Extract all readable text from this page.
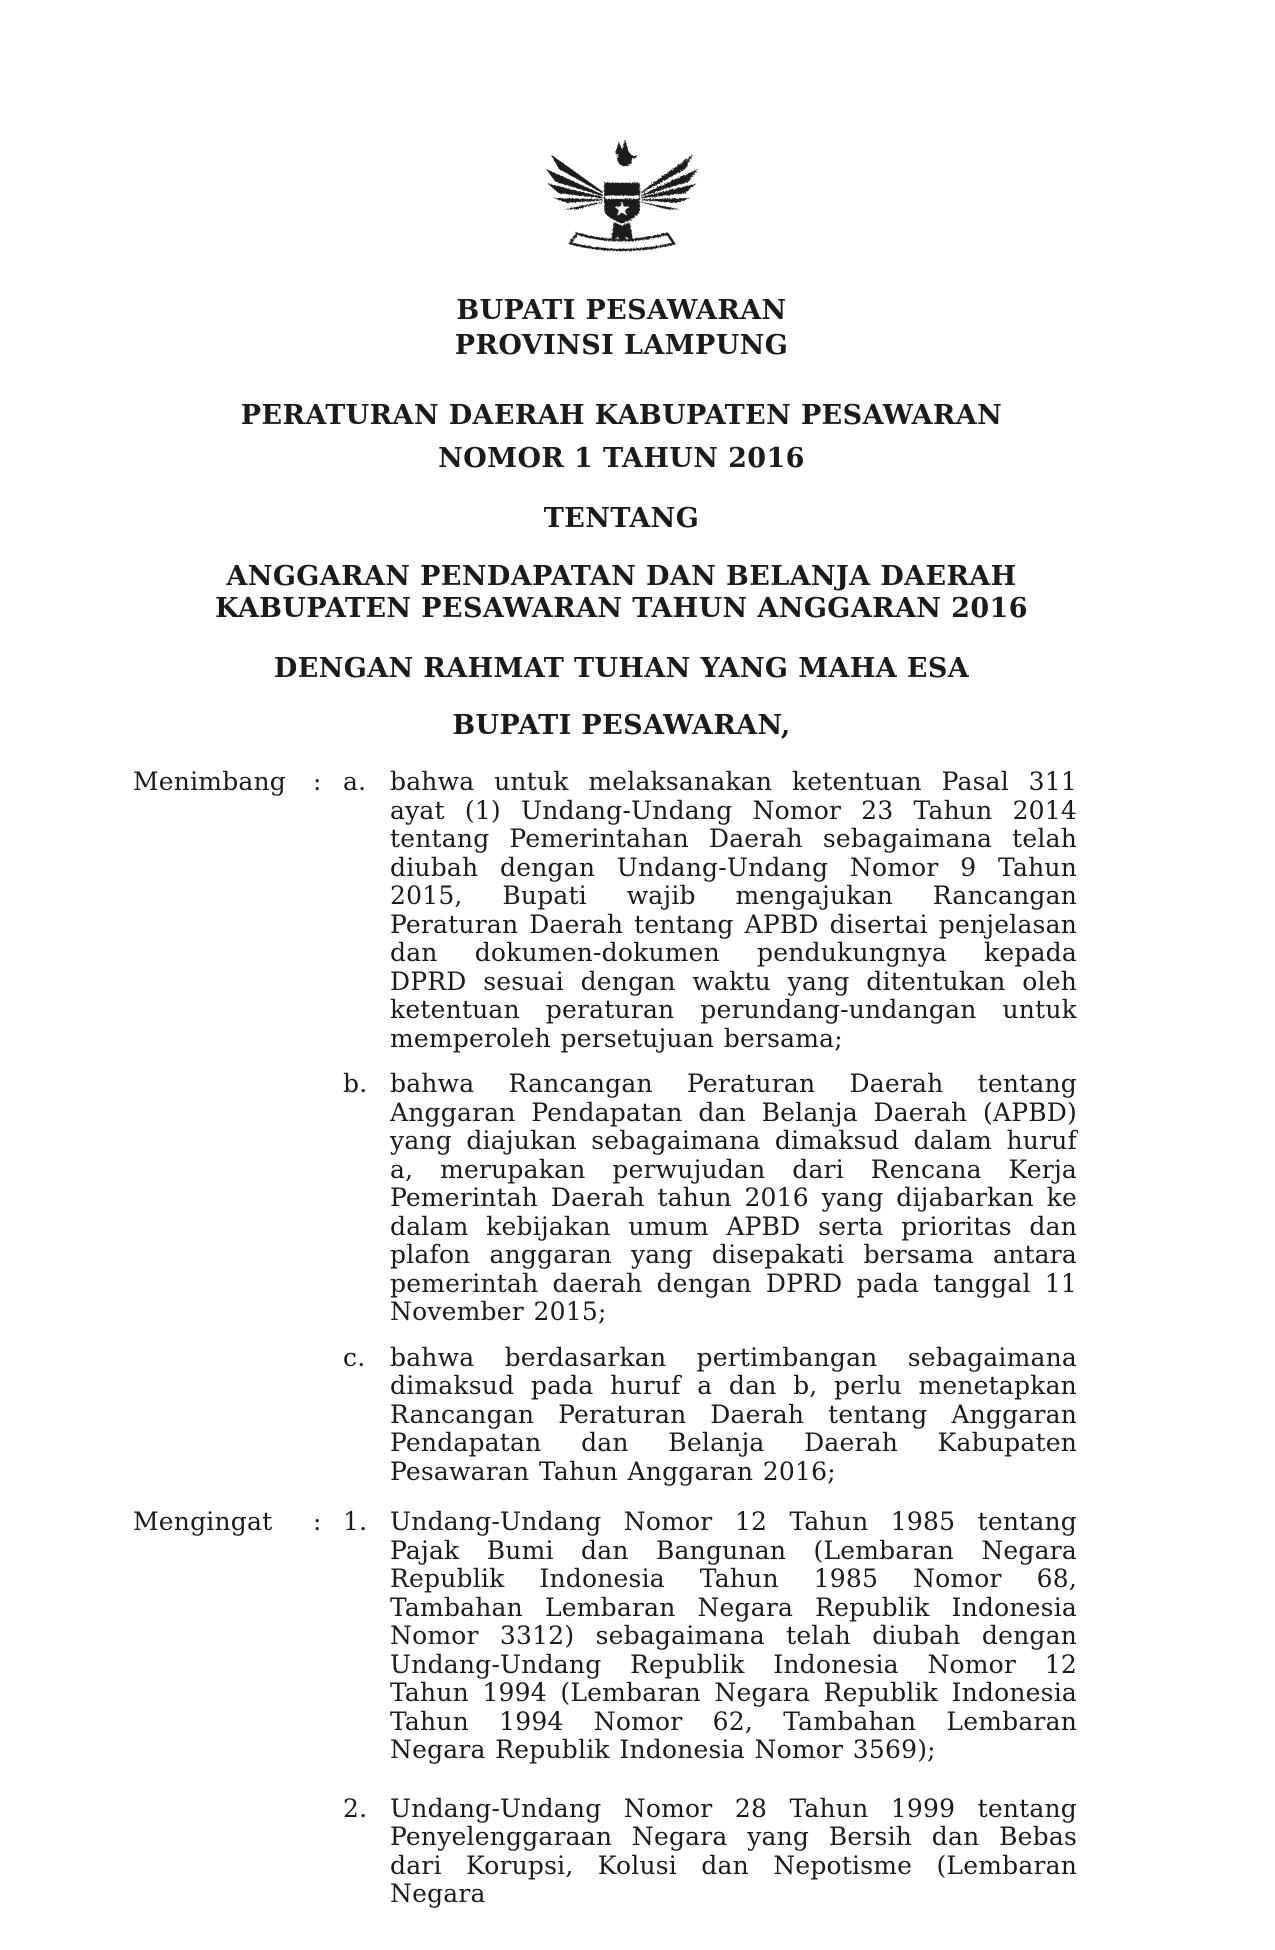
BUPATI PESAWARAN
PROVINSI LAMPUNG
PERATURAN DAERAH KABUPATEN PESAWARAN
NOMOR 1 TAHUN 2016
TENTANG
ANGGARAN PENDAPATAN DAN BELANJA DAERAH
KABUPATEN PESAWARAN TAHUN ANGGARAN 2016
DENGAN RAHMAT TUHAN YANG MAHA ESA
BUPATI PESAWARAN,
Menimbang	: a. bahwa untuk melaksanakan ketentuan Pasal 311 ayat (1) Undang-Undang Nomor 23 Tahun 2014 tentang Pemerintahan Daerah sebagaimana telah diubah dengan Undang-Undang Nomor 9 Tahun 2015, Bupati wajib mengajukan Rancangan Peraturan Daerah tentang APBD disertai penjelasan dan dokumen-dokumen pendukungnya kepada DPRD sesuai dengan waktu yang ditentukan oleh ketentuan peraturan perundang-undangan untuk memperoleh persetujuan bersama;
b. bahwa Rancangan Peraturan Daerah tentang Anggaran Pendapatan dan Belanja Daerah (APBD) yang diajukan sebagaimana dimaksud dalam huruf a, merupakan perwujudan dari Rencana Kerja Pemerintah Daerah tahun 2016 yang dijabarkan ke dalam kebijakan umum APBD serta prioritas dan plafon anggaran yang disepakati bersama antara pemerintah daerah dengan DPRD pada tanggal 11 November 2015;
c. bahwa berdasarkan pertimbangan sebagaimana dimaksud pada huruf a dan b, perlu menetapkan Rancangan Peraturan Daerah tentang Anggaran Pendapatan dan Belanja Daerah Kabupaten Pesawaran Tahun Anggaran 2016;
Mengingat	: 1. Undang-Undang Nomor 12 Tahun 1985 tentang Pajak Bumi dan Bangunan (Lembaran Negara Republik Indonesia Tahun 1985 Nomor 68, Tambahan Lembaran Negara Republik Indonesia Nomor 3312) sebagaimana telah diubah dengan Undang-Undang Republik Indonesia Nomor 12 Tahun 1994 (Lembaran Negara Republik Indonesia Tahun 1994 Nomor 62, Tambahan Lembaran Negara Republik Indonesia Nomor 3569);
2. Undang-Undang Nomor 28 Tahun 1999 tentang Penyelenggaraan Negara yang Bersih dan Bebas dari Korupsi, Kolusi dan Nepotisme (Lembaran Negara
